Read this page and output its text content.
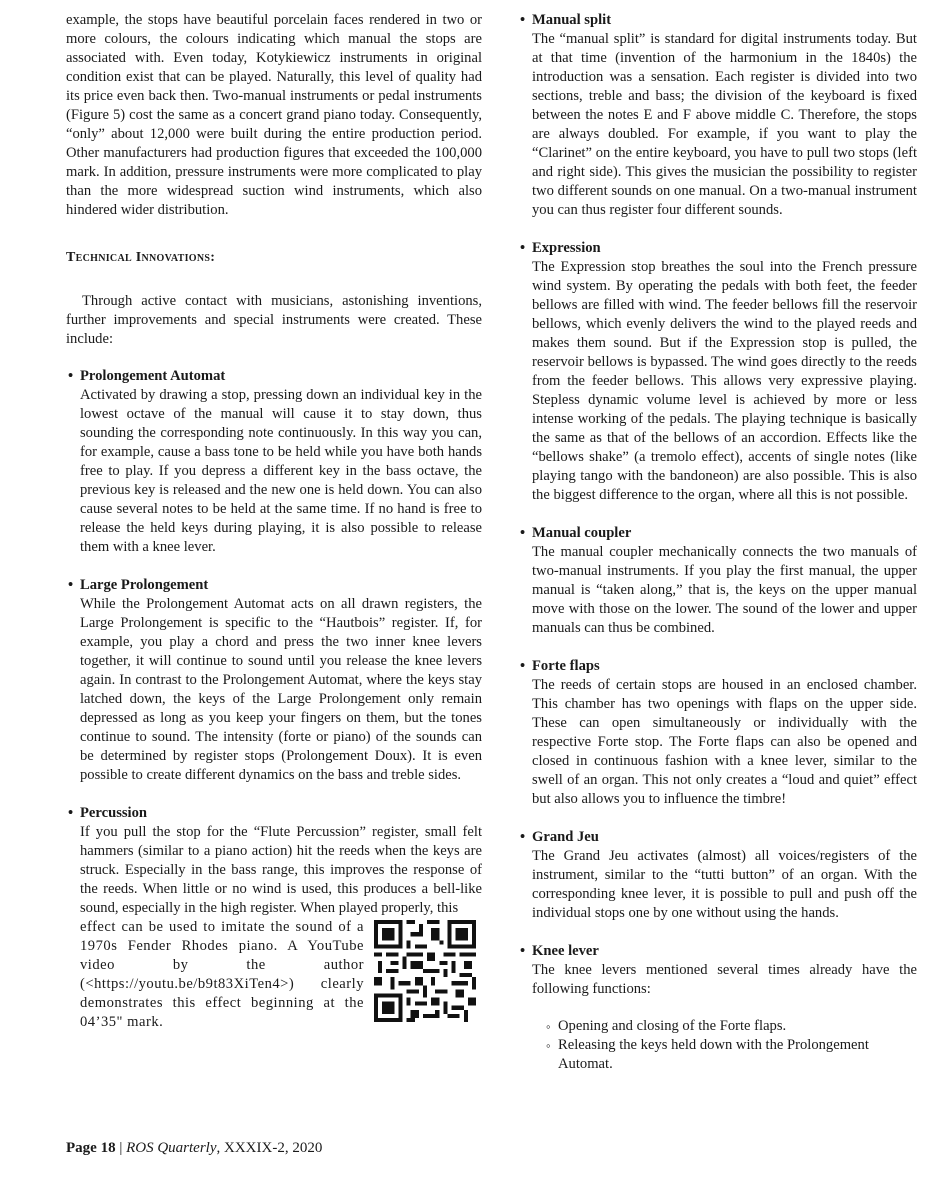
example, the stops have beautiful porcelain faces rendered in two or more colours, the colours indicating which manual the stops are associated with. Even today, Kotykiewicz instruments in original condition exist that can be played. Naturally, this level of quality had its price even back then. Two-manual instruments or pedal instruments (Figure 5) cost the same as a concert grand piano today. Consequently, “only” about 12,000 were built during the entire production period. Other manufacturers had production figures that exceeded the 100,000 mark. In addition, pressure instruments were more complicated to play than the more widespread suction wind instruments, which also hindered wider distribution.

Technical Innovations:

Through active contact with musicians, astonishing inventions, further improvements and special instruments were created. These include:

• Prolongement Automat

Activated by drawing a stop, pressing down an individual key in the lowest octave of the manual will cause it to stay down, thus sounding the corresponding note continuously. In this way you can, for example, cause a bass tone to be held while you have both hands free to play. If you depress a different key in the bass octave, the previous key is released and the new one is held down. You can also cause several notes to be held at the same time. If no hand is free to release the held keys during playing, it is also possible to release them with a knee lever.

• Large Prolongement

While the Prolongement Automat acts on all drawn registers, the Large Prolongement is specific to the “Hautbois” register. If, for example, you play a chord and press the two inner knee levers together, it will continue to sound until you release the knee levers again. In contrast to the Prolongement Automat, where the keys stay latched down, the keys of the Large Prolongement only remain depressed as long as you keep your fingers on them, but the tones continue to sound. The intensity (forte or piano) of the sounds can be determined by register stops (Prolongement Doux). It is even possible to create different dynamics on the bass and treble sides.

• Percussion

If you pull the stop for the “Flute Percussion” register, small felt hammers (similar to a piano action) hit the reeds when the keys are struck. Especially in the bass range, this improves the response of the reeds. When little or no wind is used, this produces a bell-like sound, especially in the high register. When played properly, this

effect can be used to imitate the sound of a 1970s Fender Rhodes piano. A YouTube video by the author (<https://youtu.be/b9t83XiTen4>) clearly demonstrates this effect beginning at the 04’35" mark.

• Manual split

The “manual split” is standard for digital instruments today. But at that time (invention of the harmonium in the 1840s) the introduction was a sensation. Each register is divided into two sections, treble and bass; the division of the keyboard is fixed between the notes E and F above middle C. Therefore, the stops are always doubled. For example, if you want to play the “Clarinet” on the entire keyboard, you have to pull two stops (left and right side). This gives the musician the possibility to register two different sounds on one manual. On a two-manual instrument you can thus register four different sounds.

• Expression

The Expression stop breathes the soul into the French pressure wind system. By operating the pedals with both feet, the feeder bellows are filled with wind. The feeder bellows fill the reservoir bellows, which evenly delivers the wind to the played reeds and makes them sound. But if the Expression stop is pulled, the reservoir bellows is bypassed. The wind goes directly to the reeds from the feeder bellows. This allows very expressive playing. Stepless dynamic volume level is achieved by more or less intense working of the pedals. The playing technique is basically the same as that of the bellows of an accordion. Effects like the “bellows shake” (a tremolo effect), accents of single notes (like playing tango with the bandoneon) are also possible. This is also the biggest difference to the organ, where all this is not possible.

• Manual coupler

The manual coupler mechanically connects the two manuals of two-manual instruments. If you play the first manual, the upper manual is “taken along,” that is, the keys on the upper manual move with those on the lower. The sound of the lower and upper manuals can thus be combined.

• Forte flaps

The reeds of certain stops are housed in an enclosed chamber. This chamber has two openings with flaps on the upper side. These can open simultaneously or individually with the respective Forte stop. The Forte flaps can also be opened and closed in continuous fashion with a knee lever, similar to the swell of an organ. This not only creates a “loud and quiet” effect but also allows you to influence the timbre!

• Grand Jeu

The Grand Jeu activates (almost) all voices/registers of the instrument, similar to the “tutti button” of an organ. With the corresponding knee lever, it is possible to pull and push off the individual stops one by one without using the hands.

• Knee lever

The knee levers mentioned several times already have the following functions:

◦ Opening and closing of the Forte flaps.

◦ Releasing the keys held down with the Prolongement Automat.

Page 18 | ROS Quarterly, XXXIX-2, 2020
